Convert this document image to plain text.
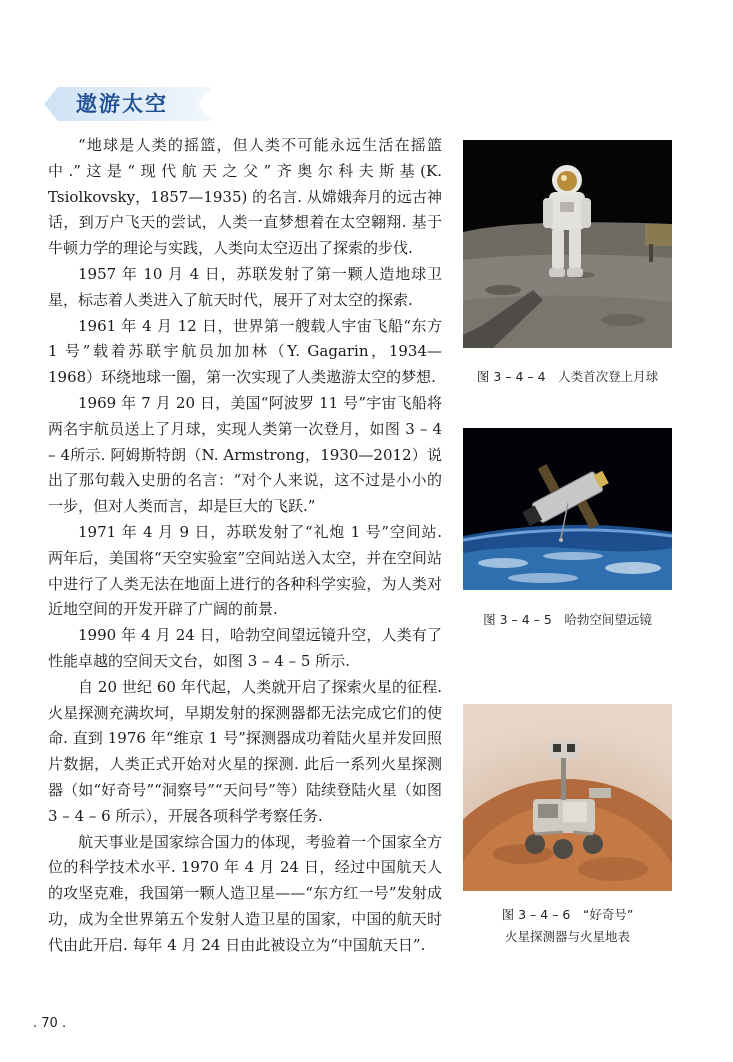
遨游太空

“地球是人类的摇篮，但人类不可能永远生活在摇篮中.”这是“现代航天之父”齐奥尔科夫斯基(K. Tsiolkovsky，1857—1935) 的名言. 从嫦娥奔月的远古神话，到万户飞天的尝试，人类一直梦想着在太空翱翔. 基于牛顿力学的理论与实践，人类向太空迈出了探索的步伐.

1957 年 10 月 4 日，苏联发射了第一颗人造地球卫星，标志着人类进入了航天时代，展开了对太空的探索.

1961 年 4 月 12 日，世界第一艘载人宇宙飞船“东方 1 号”载着苏联宇航员加加林（Y. Gagarin，1934—1968）环绕地球一圈，第一次实现了人类遨游太空的梦想.

1969 年 7 月 20 日，美国“阿波罗 11 号”宇宙飞船将两名宇航员送上了月球，实现人类第一次登月，如图 3 – 4 – 4所示. 阿姆斯特朗（N. Armstrong，1930—2012）说出了那句载入史册的名言：“对个人来说，这不过是小小的一步，但对人类而言，却是巨大的飞跃.”

1971 年 4 月 9 日，苏联发射了“礼炮 1 号”空间站. 两年后，美国将“天空实验室”空间站送入太空，并在空间站中进行了人类无法在地面上进行的各种科学实验，为人类对近地空间的开发开辟了广阔的前景.

1990 年 4 月 24 日，哈勃空间望远镜升空，人类有了性能卓越的空间天文台，如图 3 – 4 – 5 所示.

自 20 世纪 60 年代起，人类就开启了探索火星的征程. 火星探测充满坎坷，早期发射的探测器都无法完成它们的使命. 直到 1976 年“维京 1 号”探测器成功着陆火星并发回照片数据，人类正式开始对火星的探测. 此后一系列火星探测器（如“好奇号”“洞察号”“天问号”等）陆续登陆火星（如图 3 – 4 – 6 所示），开展各项科学考察任务.

航天事业是国家综合国力的体现，考验着一个国家全方位的科学技术水平. 1970 年 4 月 24 日，经过中国航天人的攻坚克难，我国第一颗人造卫星——“东方红一号”发射成功，成为全世界第五个发射人造卫星的国家，中国的航天时代由此开启. 每年 4 月 24 日由此被设立为“中国航天日”.

图 3 – 4 – 4　人类首次登上月球
图 3 – 4 – 5　哈勃空间望远镜
图 3 – 4 – 6　“好奇号”
火星探测器与火星地表
. 70 .
